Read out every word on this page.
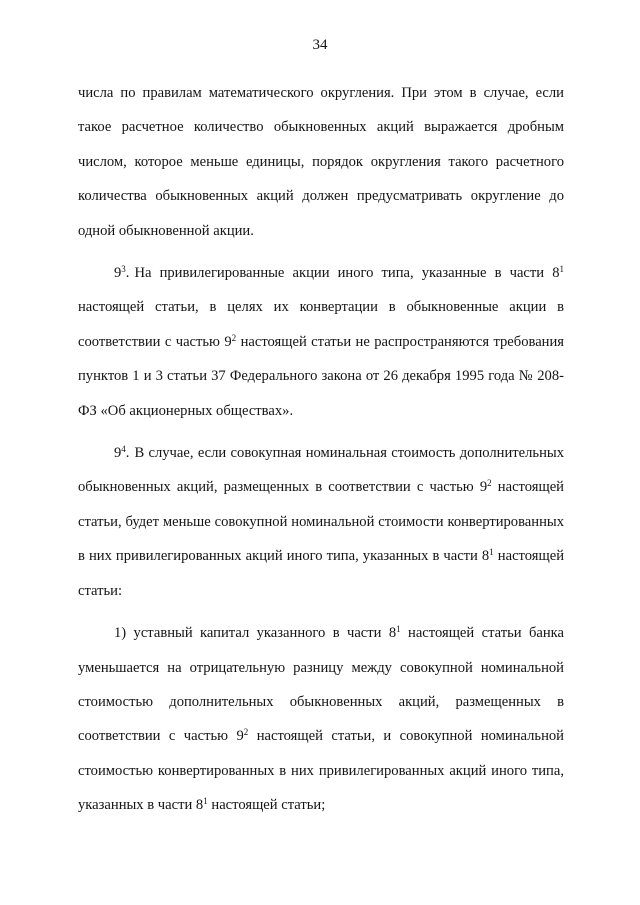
34

числа по правилам математического округления. При этом в случае, если такое расчетное количество обыкновенных акций выражается дробным числом, которое меньше единицы, порядок округления такого расчетного количества обыкновенных акций должен предусматривать округление до одной обыкновенной акции.

$9^3$. На привилегированные акции иного типа, указанные в части $8^1$ настоящей статьи, в целях их конвертации в обыкновенные акции в соответствии с частью $9^2$ настоящей статьи не распространяются требования пунктов 1 и 3 статьи 37 Федерального закона от 26 декабря 1995 года № 208-ФЗ «Об акционерных обществах».

$9^4$. В случае, если совокупная номинальная стоимость дополнительных обыкновенных акций, размещенных в соответствии с частью $9^2$ настоящей статьи, будет меньше совокупной номинальной стоимости конвертированных в них привилегированных акций иного типа, указанных в части $8^1$ настоящей статьи:

1) уставный капитал указанного в части $8^1$ настоящей статьи банка уменьшается на отрицательную разницу между совокупной номинальной стоимостью дополнительных обыкновенных акций, размещенных в соответствии с частью $9^2$ настоящей статьи, и совокупной номинальной стоимостью конвертированных в них привилегированных акций иного типа, указанных в части $8^1$ настоящей статьи;
